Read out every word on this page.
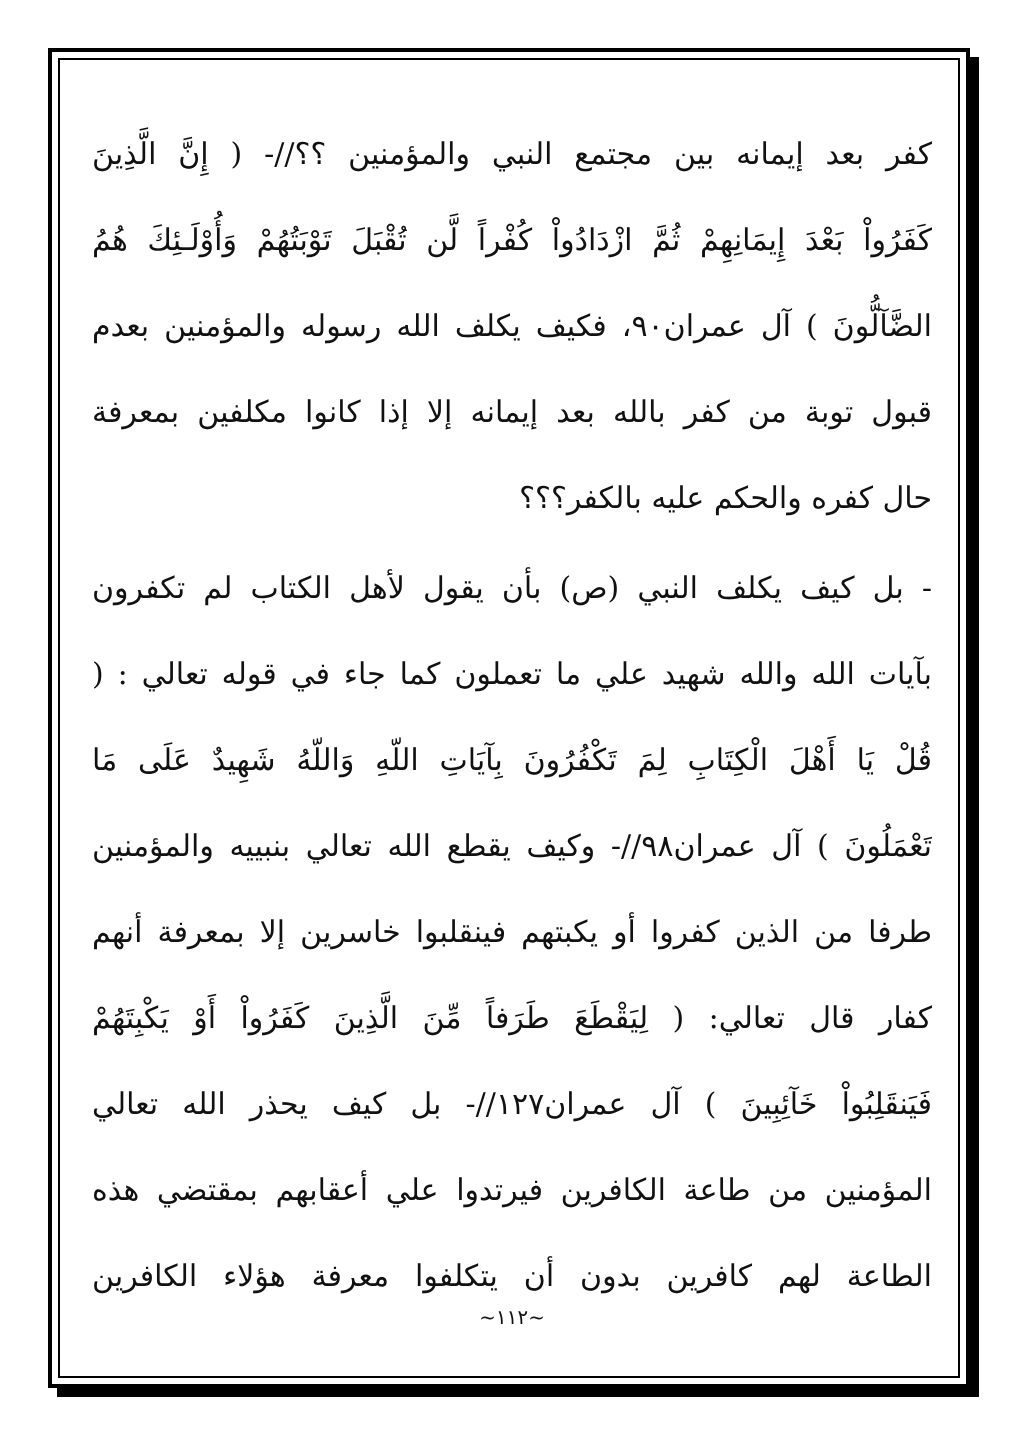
كفر بعد إيمانه بين مجتمع النبي والمؤمنين ؟؟//- ( إِنَّ الَّذِينَ
كَفَرُواْ بَعْدَ إِيمَانِهِمْ ثُمَّ ازْدَادُواْ كُفْراً لَّن تُقْبَلَ تَوْبَتُهُمْ وَأُوْلَـئِكَ هُمُ
الضَّآلُّونَ ) آل عمران٩٠، فكيف يكلف الله رسوله والمؤمنين بعدم
قبول توبة من كفر بالله بعد إيمانه إلا إذا كانوا مكلفين بمعرفة
حال كفره والحكم عليه بالكفر؟؟؟
- بل كيف يكلف النبي (ص) بأن يقول لأهل الكتاب لم تكفرون
بآيات الله والله شهيد علي ما تعملون كما جاء في قوله تعالي : (
قُلْ يَا أَهْلَ الْكِتَابِ لِمَ تَكْفُرُونَ بِآيَاتِ اللّهِ وَاللّهُ شَهِيدٌ عَلَى مَا
تَعْمَلُونَ ) آل عمران٩٨//- وكيف يقطع الله تعالي بنبييه والمؤمنين
طرفا من الذين كفروا أو يكبتهم فينقلبوا خاسرين إلا بمعرفة أنهم
كفار قال تعالي: ( لِيَقْطَعَ طَرَفاً مِّنَ الَّذِينَ كَفَرُواْ أَوْ يَكْبِتَهُمْ
فَيَنقَلِبُواْ خَآئِبِينَ ) آل عمران١٢٧//- بل كيف يحذر الله تعالي
المؤمنين من طاعة الكافرين فيرتدوا علي أعقابهم بمقتضي هذه
الطاعة لهم كافرين بدون أن يتكلفوا معرفة هؤلاء الكافرين
~١١٢~
